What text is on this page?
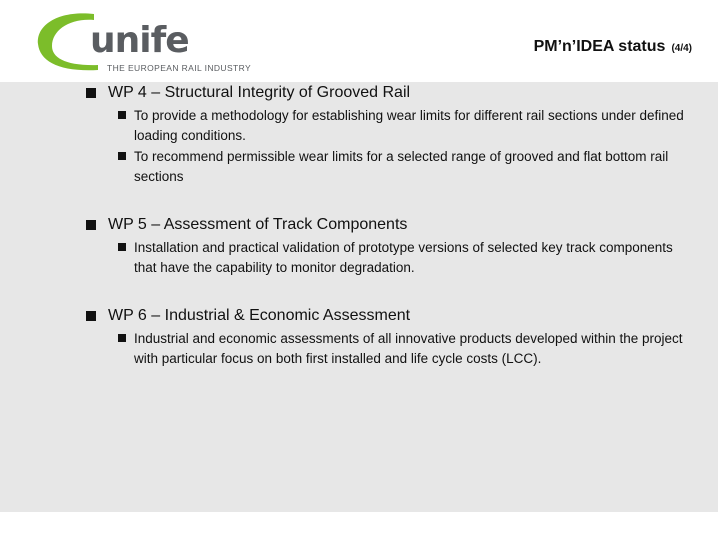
unife
THE EUROPEAN RAIL INDUSTRY
PM’n’IDEA status (4/4)
WP 4 – Structural Integrity of Grooved Rail
To provide a methodology for establishing wear limits for different rail sections under defined loading conditions.
To recommend permissible wear limits for a selected range of grooved and flat bottom rail sections
WP 5 – Assessment of Track Components
Installation and practical validation of prototype versions of selected key track components that have the capability to monitor degradation.
WP 6 – Industrial & Economic Assessment
Industrial and economic assessments of all innovative products developed within the project with particular focus on both first installed and life cycle costs (LCC).
